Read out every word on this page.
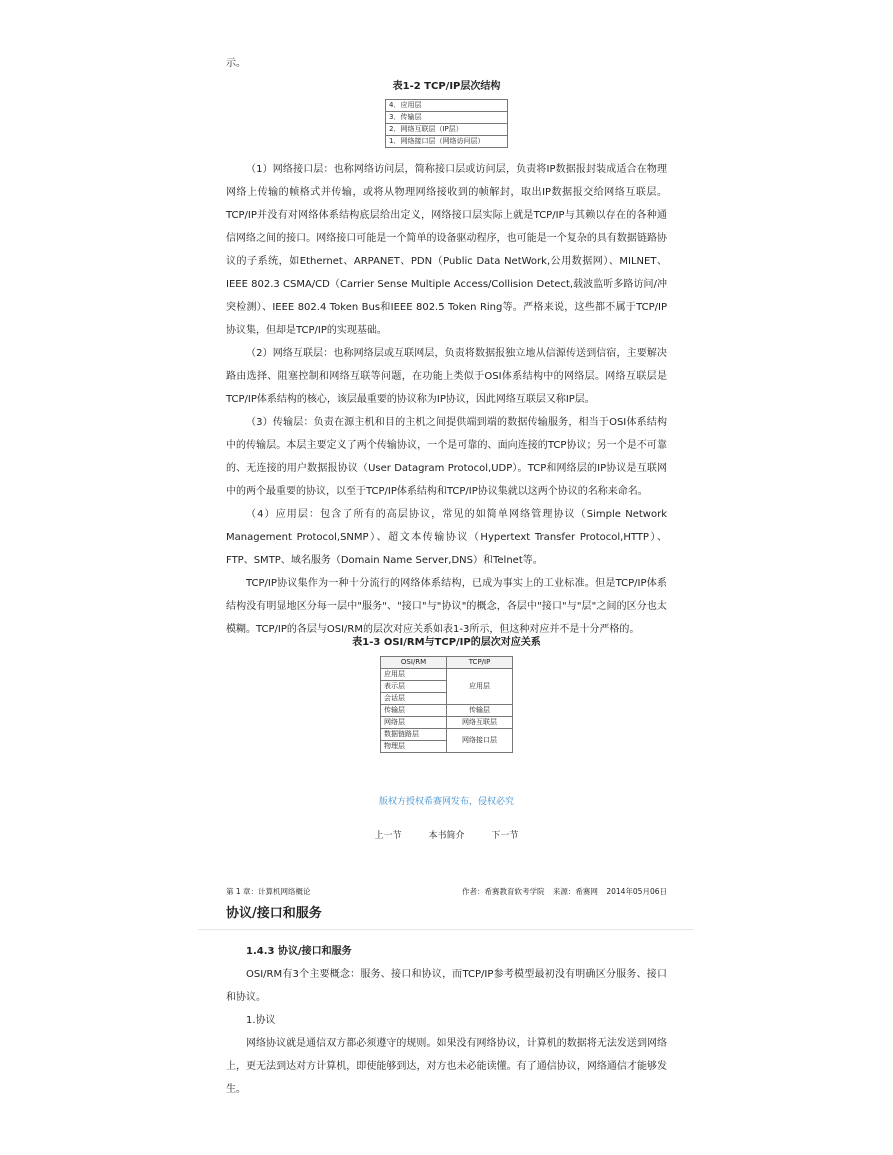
示。

表1-2 TCP/IP层次结构

4．应用层
3．传输层
2．网络互联层（IP层）
1．网络接口层（网络访问层）

（1）网络接口层：也称网络访问层，简称接口层或访问层，负责将IP数据报封装成适合在物理网络上传输的帧格式并传输，或将从物理网络接收到的帧解封，取出IP数据报交给网络互联层。TCP/IP并没有对网络体系结构底层给出定义，网络接口层实际上就是TCP/IP与其赖以存在的各种通信网络之间的接口。网络接口可能是一个简单的设备驱动程序，也可能是一个复杂的具有数据链路协议的子系统，如Ethernet、ARPANET、PDN（Public Data NetWork,公用数据网）、MILNET、IEEE 802.3 CSMA/CD（Carrier Sense Multiple Access/Collision Detect,载波监听多路访问/冲突检测）、IEEE 802.4 Token Bus和IEEE 802.5 Token Ring等。严格来说，这些都不属于TCP/IP协议集，但却是TCP/IP的实现基础。

（2）网络互联层：也称网络层或互联网层，负责将数据报独立地从信源传送到信宿，主要解决路由选择、阻塞控制和网络互联等问题，在功能上类似于OSI体系结构中的网络层。网络互联层是TCP/IP体系结构的核心，该层最重要的协议称为IP协议，因此网络互联层又称IP层。

（3）传输层：负责在源主机和目的主机之间提供端到端的数据传输服务，相当于OSI体系结构中的传输层。本层主要定义了两个传输协议，一个是可靠的、面向连接的TCP协议；另一个是不可靠的、无连接的用户数据报协议（User Datagram Protocol,UDP）。TCP和网络层的IP协议是互联网中的两个最重要的协议，以至于TCP/IP体系结构和TCP/IP协议集就以这两个协议的名称来命名。

（4）应用层：包含了所有的高层协议，常见的如简单网络管理协议（Simple Network Management Protocol,SNMP）、超文本传输协议（Hypertext Transfer Protocol,HTTP）、FTP、SMTP、域名服务（Domain Name Server,DNS）和Telnet等。

TCP/IP协议集作为一种十分流行的网络体系结构，已成为事实上的工业标准。但是TCP/IP体系结构没有明显地区分每一层中"服务"、"接口"与"协议"的概念，各层中"接口"与"层"之间的区分也太模糊。TCP/IP的各层与OSI/RM的层次对应关系如表1-3所示，但这种对应并不是十分严格的。

表1-3 OSI/RM与TCP/IP的层次对应关系

OSI/RM	TCP/IP
应用层	应用层
表示层	
会话层	
传输层	传输层
网络层	网络互联层
数据链路层	网络接口层
物理层	
版权方授权希赛网发布，侵权必究
上一节	本书简介	下一节
第 1 章：计算机网络概论	作者：希赛教育软考学院 来源：希赛网 2014年05月06日
协议/接口和服务

1.4.3 协议/接口和服务

OSI/RM有3个主要概念：服务、接口和协议，而TCP/IP参考模型最初没有明确区分服务、接口和协议。

1.协议

网络协议就是通信双方都必须遵守的规则。如果没有网络协议，计算机的数据将无法发送到网络上，更无法到达对方计算机，即使能够到达，对方也未必能读懂。有了通信协议，网络通信才能够发生。
